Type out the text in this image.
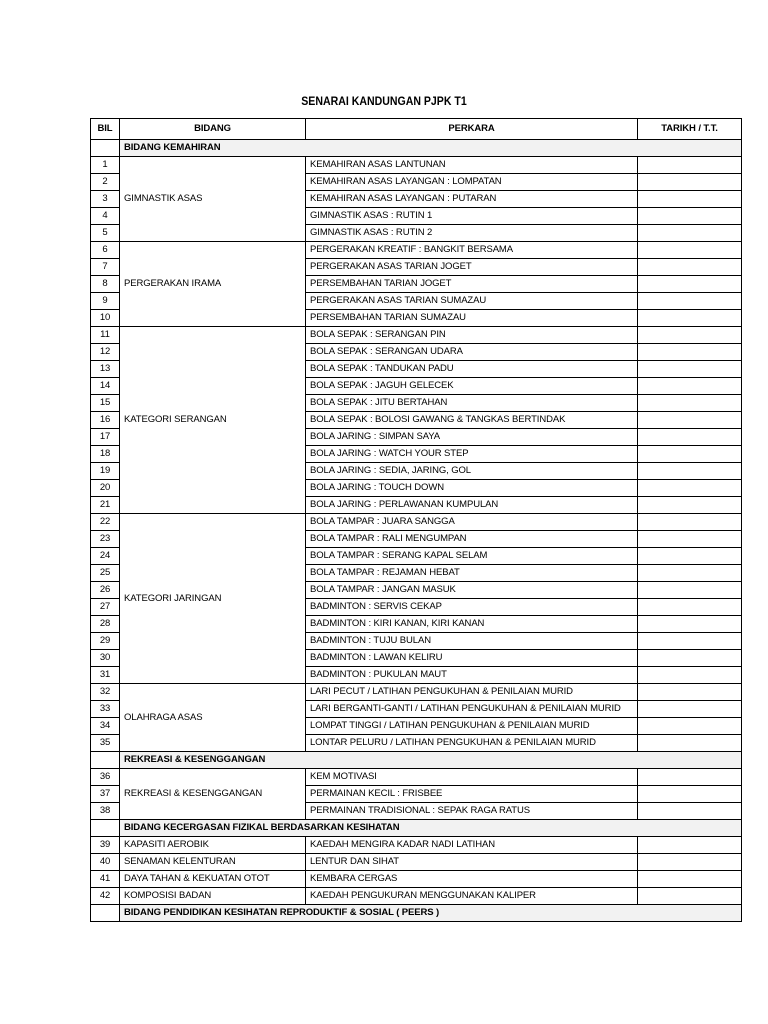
SENARAI KANDUNGAN PJPK T1
BIL	BIDANG	PERKARA	TARIKH / T.T.
	BIDANG KEMAHIRAN		
1	GIMNASTIK ASAS	KEMAHIRAN ASAS LANTUNAN	
2		KEMAHIRAN ASAS LAYANGAN : LOMPATAN	
3		KEMAHIRAN ASAS LAYANGAN : PUTARAN	
4		GIMNASTIK ASAS : RUTIN 1	
5		GIMNASTIK ASAS : RUTIN 2	
6	PERGERAKAN IRAMA	PERGERAKAN KREATIF : BANGKIT BERSAMA	
7		PERGERAKAN ASAS TARIAN JOGET	
8		PERSEMBAHAN TARIAN JOGET	
9		PERGERAKAN ASAS TARIAN SUMAZAU	
10		PERSEMBAHAN TARIAN SUMAZAU	
11	KATEGORI SERANGAN	BOLA SEPAK : SERANGAN PIN	
12		BOLA SEPAK : SERANGAN UDARA	
13		BOLA SEPAK : TANDUKAN PADU	
14		BOLA SEPAK : JAGUH GELECEK	
15		BOLA SEPAK : JITU BERTAHAN	
16		BOLA SEPAK : BOLOSI GAWANG & TANGKAS BERTINDAK	
17		BOLA JARING : SIMPAN SAYA	
18		BOLA JARING : WATCH YOUR STEP	
19		BOLA JARING : SEDIA, JARING, GOL	
20		BOLA JARING : TOUCH DOWN	
21		BOLA JARING : PERLAWANAN KUMPULAN	
22	KATEGORI JARINGAN	BOLA TAMPAR : JUARA SANGGA	
23		BOLA TAMPAR : RALI MENGUMPAN	
24		BOLA TAMPAR : SERANG KAPAL SELAM	
25		BOLA TAMPAR : REJAMAN HEBAT	
26		BOLA TAMPAR : JANGAN MASUK	
27		BADMINTON : SERVIS CEKAP	
28		BADMINTON : KIRI KANAN, KIRI KANAN	
29		BADMINTON : TUJU BULAN	
30		BADMINTON : LAWAN KELIRU	
31		BADMINTON : PUKULAN MAUT	
32	OLAHRAGA ASAS	LARI PECUT / LATIHAN PENGUKUHAN & PENILAIAN MURID	
33		LARI BERGANTI-GANTI / LATIHAN PENGUKUHAN & PENILAIAN MURID	
34		LOMPAT TINGGI / LATIHAN PENGUKUHAN & PENILAIAN MURID	
35		LONTAR PELURU / LATIHAN PENGUKUHAN & PENILAIAN MURID	
	REKREASI & KESENGGANGAN		
36	REKREASI & KESENGGANGAN	KEM MOTIVASI	
37		PERMAINAN KECIL : FRISBEE	
38		PERMAINAN TRADISIONAL : SEPAK RAGA RATUS	
	BIDANG KECERGASAN FIZIKAL BERDASARKAN KESIHATAN		
39	KAPASITI AEROBIK	KAEDAH MENGIRA KADAR NADI LATIHAN	
40	SENAMAN KELENTURAN	LENTUR DAN SIHAT	
41	DAYA TAHAN & KEKUATAN OTOT	KEMBARA CERGAS	
42	KOMPOSISI BADAN	KAEDAH PENGUKURAN MENGGUNAKAN KALIPER	
	BIDANG PENDIDIKAN KESIHATAN REPRODUKTIF & SOSIAL ( PEERS )		
